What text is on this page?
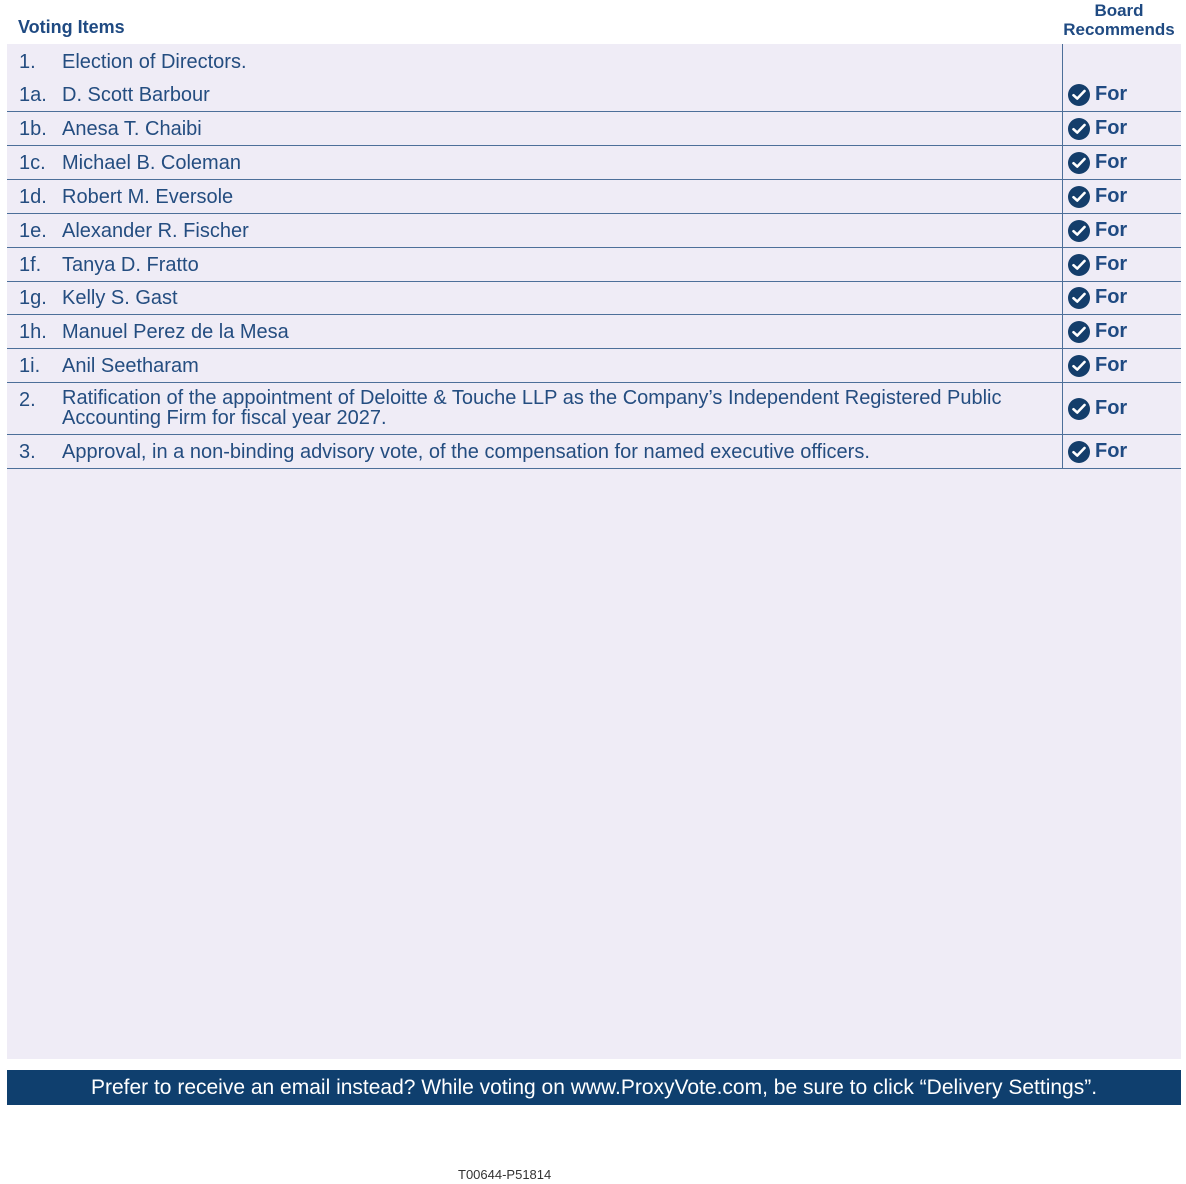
Voting Items
Board
Recommends
1. Election of Directors.
1a. D. Scott Barbour	For
1b. Anesa T. Chaibi	For
1c. Michael B. Coleman	For
1d. Robert M. Eversole	For
1e. Alexander R. Fischer	For
1f. Tanya D. Fratto	For
1g. Kelly S. Gast	For
1h. Manuel Perez de la Mesa	For
1i. Anil Seetharam	For
2. Ratification of the appointment of Deloitte & Touche LLP as the Company’s Independent Registered Public Accounting Firm for fiscal year 2027.	For
3. Approval, in a non-binding advisory vote, of the compensation for named executive officers.	For
Prefer to receive an email instead? While voting on www.ProxyVote.com, be sure to click “Delivery Settings”.
T00644-P51814
